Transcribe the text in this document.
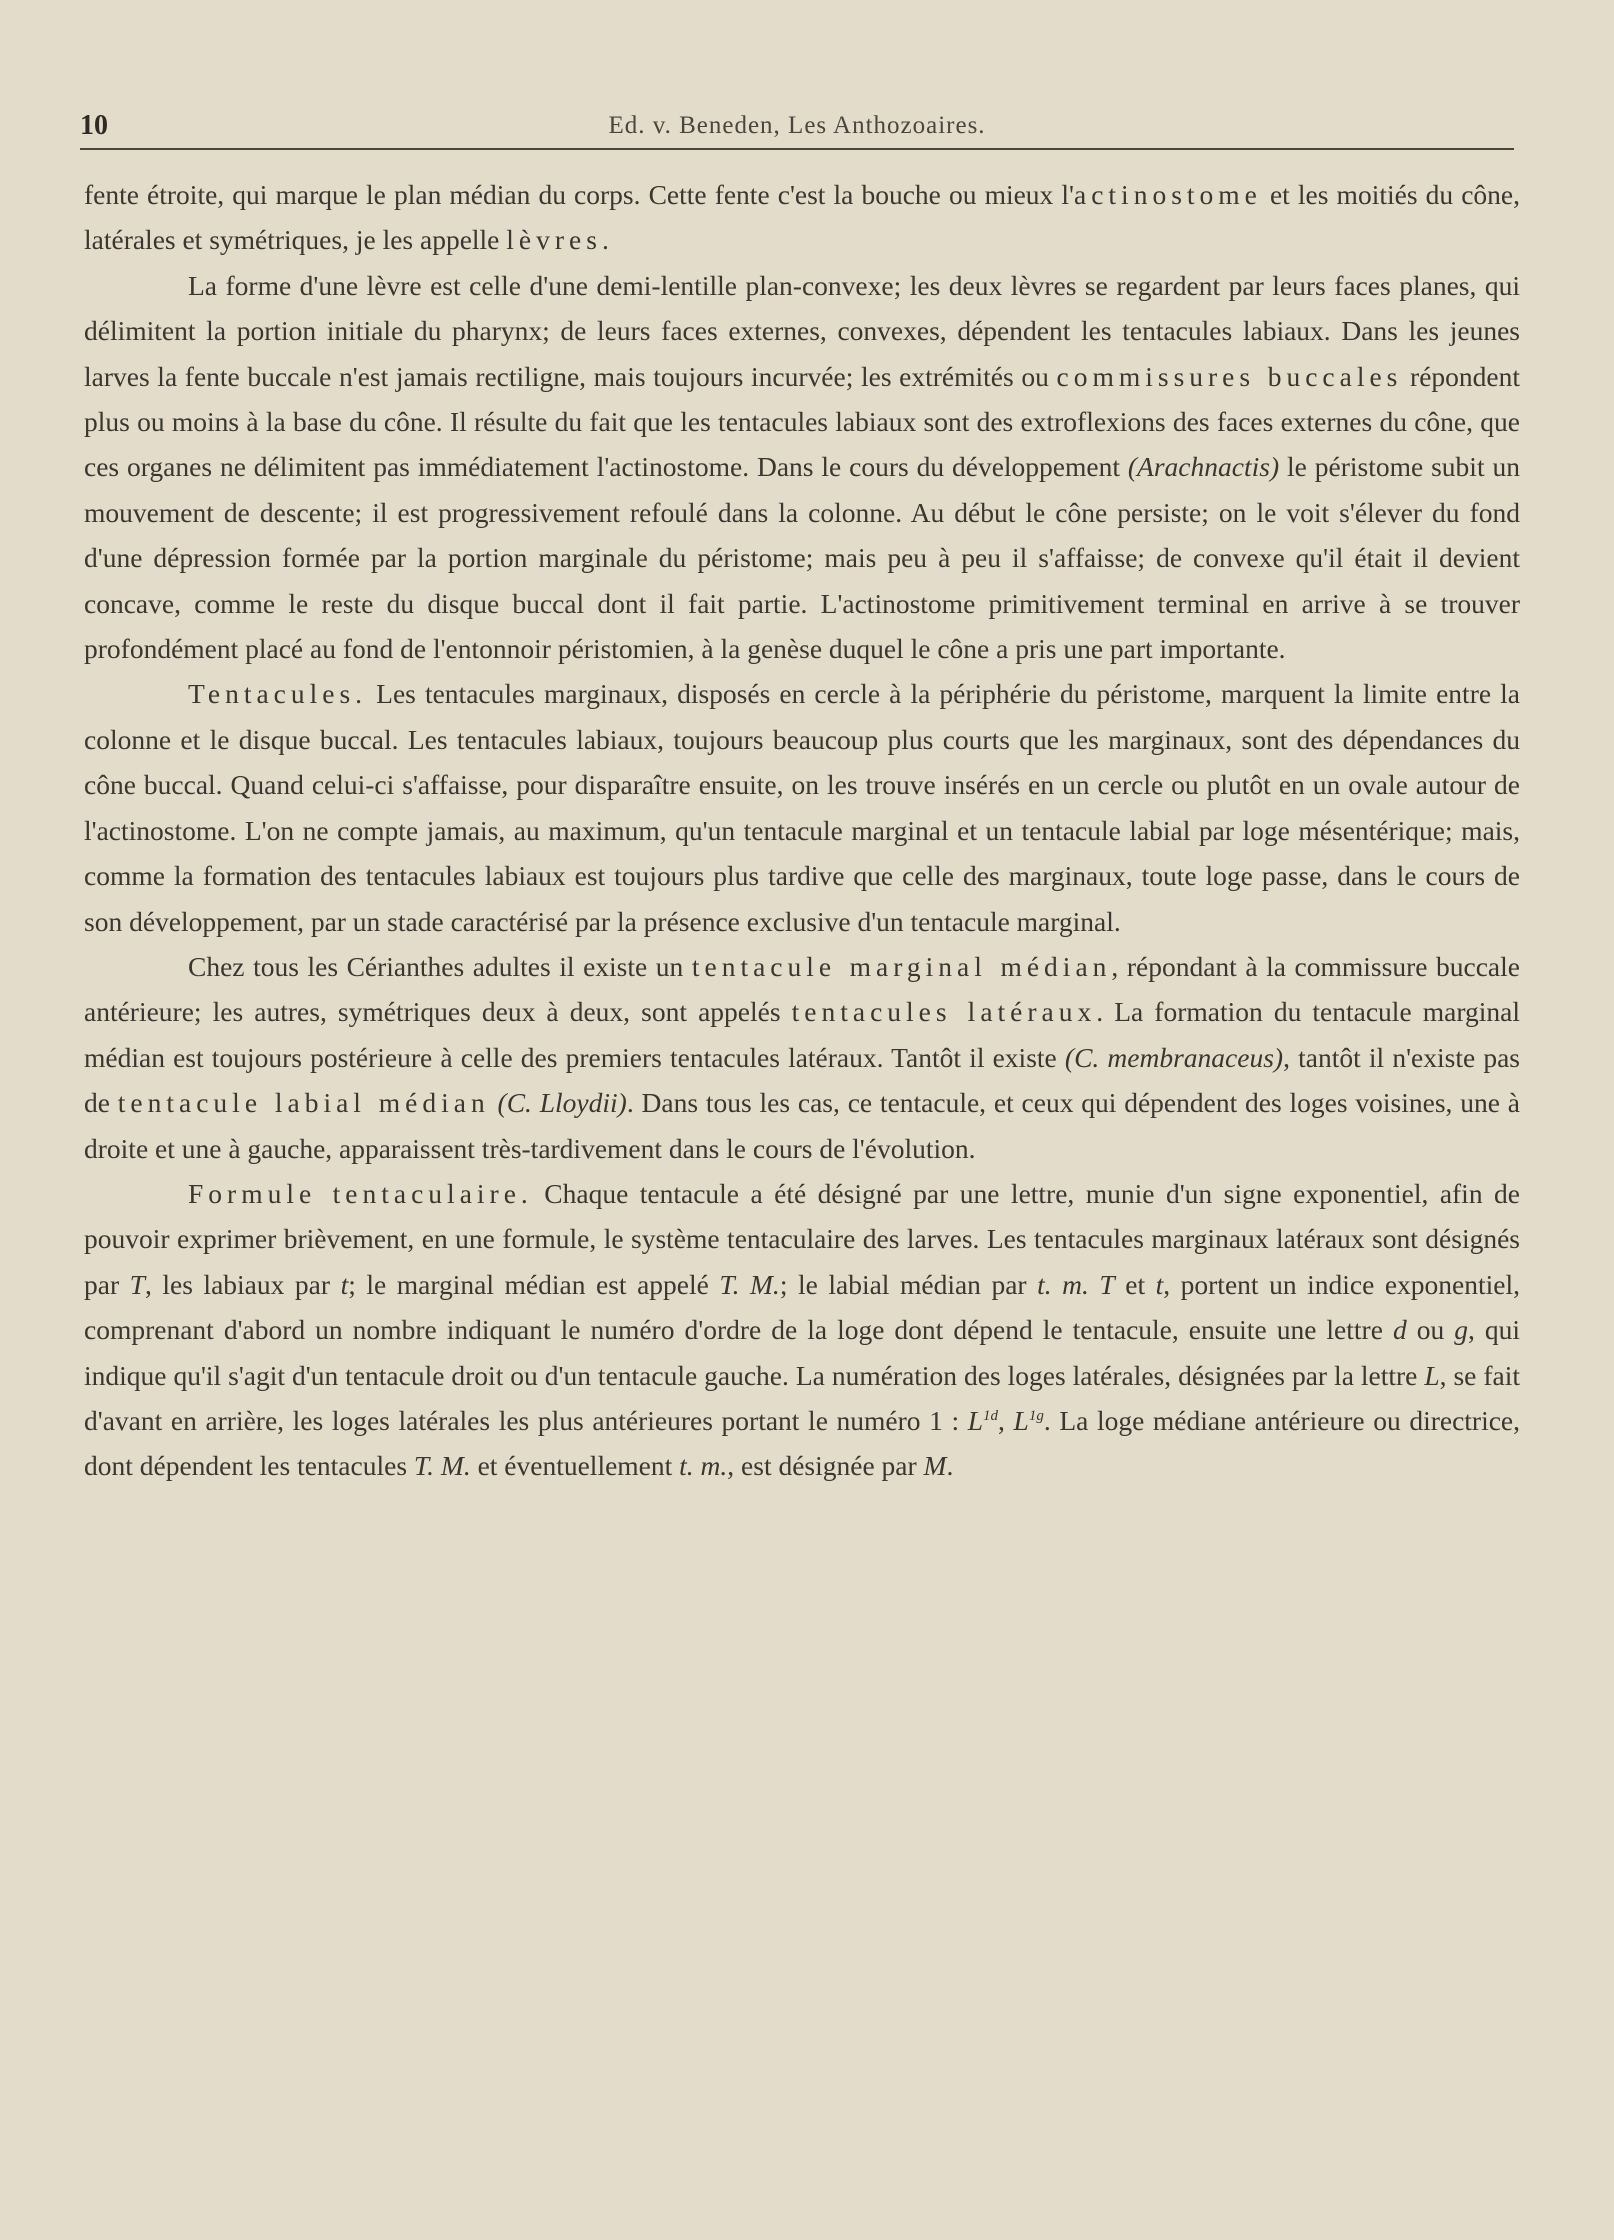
10	Ed. v. Beneden, Les Anthozoaires.

fente étroite, qui marque le plan médian du corps. Cette fente c'est la bouche ou mieux l'actinostome et les moitiés du cône, latérales et symétriques, je les appelle lèvres.

La forme d'une lèvre est celle d'une demi-lentille plan-convexe; les deux lèvres se regardent par leurs faces planes, qui délimitent la portion initiale du pharynx; de leurs faces externes, convexes, dépendent les tentacules labiaux. Dans les jeunes larves la fente buccale n'est jamais rectiligne, mais toujours incurvée; les extrémités ou commissures buccales répondent plus ou moins à la base du cône. Il résulte du fait que les tentacules labiaux sont des extroflexions des faces externes du cône, que ces organes ne délimitent pas immédiatement l'actinostome. Dans le cours du développement (Arachnactis) le péristome subit un mouvement de descente; il est progressivement refoulé dans la colonne. Au début le cône persiste; on le voit s'élever du fond d'une dépression formée par la portion marginale du péristome; mais peu à peu il s'affaisse; de convexe qu'il était il devient concave, comme le reste du disque buccal dont il fait partie. L'actinostome primitivement terminal en arrive à se trouver profondément placé au fond de l'entonnoir péristomien, à la genèse duquel le cône a pris une part importante.

Tentacules. Les tentacules marginaux, disposés en cercle à la périphérie du péristome, marquent la limite entre la colonne et le disque buccal. Les tentacules labiaux, toujours beaucoup plus courts que les marginaux, sont des dépendances du cône buccal. Quand celui-ci s'affaisse, pour disparaître ensuite, on les trouve insérés en un cercle ou plutôt en un ovale autour de l'actinostome. L'on ne compte jamais, au maximum, qu'un tentacule marginal et un tentacule labial par loge mésentérique; mais, comme la formation des tentacules labiaux est toujours plus tardive que celle des marginaux, toute loge passe, dans le cours de son développement, par un stade caractérisé par la présence exclusive d'un tentacule marginal.

Chez tous les Cérianthes adultes il existe un tentacule marginal médian, répondant à la commissure buccale antérieure; les autres, symétriques deux à deux, sont appelés tentacules latéraux. La formation du tentacule marginal médian est toujours postérieure à celle des premiers tentacules latéraux. Tantôt il existe (C. membranaceus), tantôt il n'existe pas de tentacule labial médian (C. Lloydii). Dans tous les cas, ce tentacule, et ceux qui dépendent des loges voisines, une à droite et une à gauche, apparaissent très-tardivement dans le cours de l'évolution.

Formule tentaculaire. Chaque tentacule a été désigné par une lettre, munie d'un signe exponentiel, afin de pouvoir exprimer brièvement, en une formule, le système tentaculaire des larves. Les tentacules marginaux latéraux sont désignés par T, les labiaux par t; le marginal médian est appelé T. M.; le labial médian par t. m. T et t, portent un indice exponentiel, comprenant d'abord un nombre indiquant le numéro d'ordre de la loge dont dépend le tentacule, ensuite une lettre d ou g, qui indique qu'il s'agit d'un tentacule droit ou d'un tentacule gauche. La numération des loges latérales, désignées par la lettre L, se fait d'avant en arrière, les loges latérales les plus antérieures portant le numéro 1 : $L^{1d}$, $L^{1g}$. La loge médiane antérieure ou directrice, dont dépendent les tentacules T. M. et éventuellement t. m., est désignée par M.
